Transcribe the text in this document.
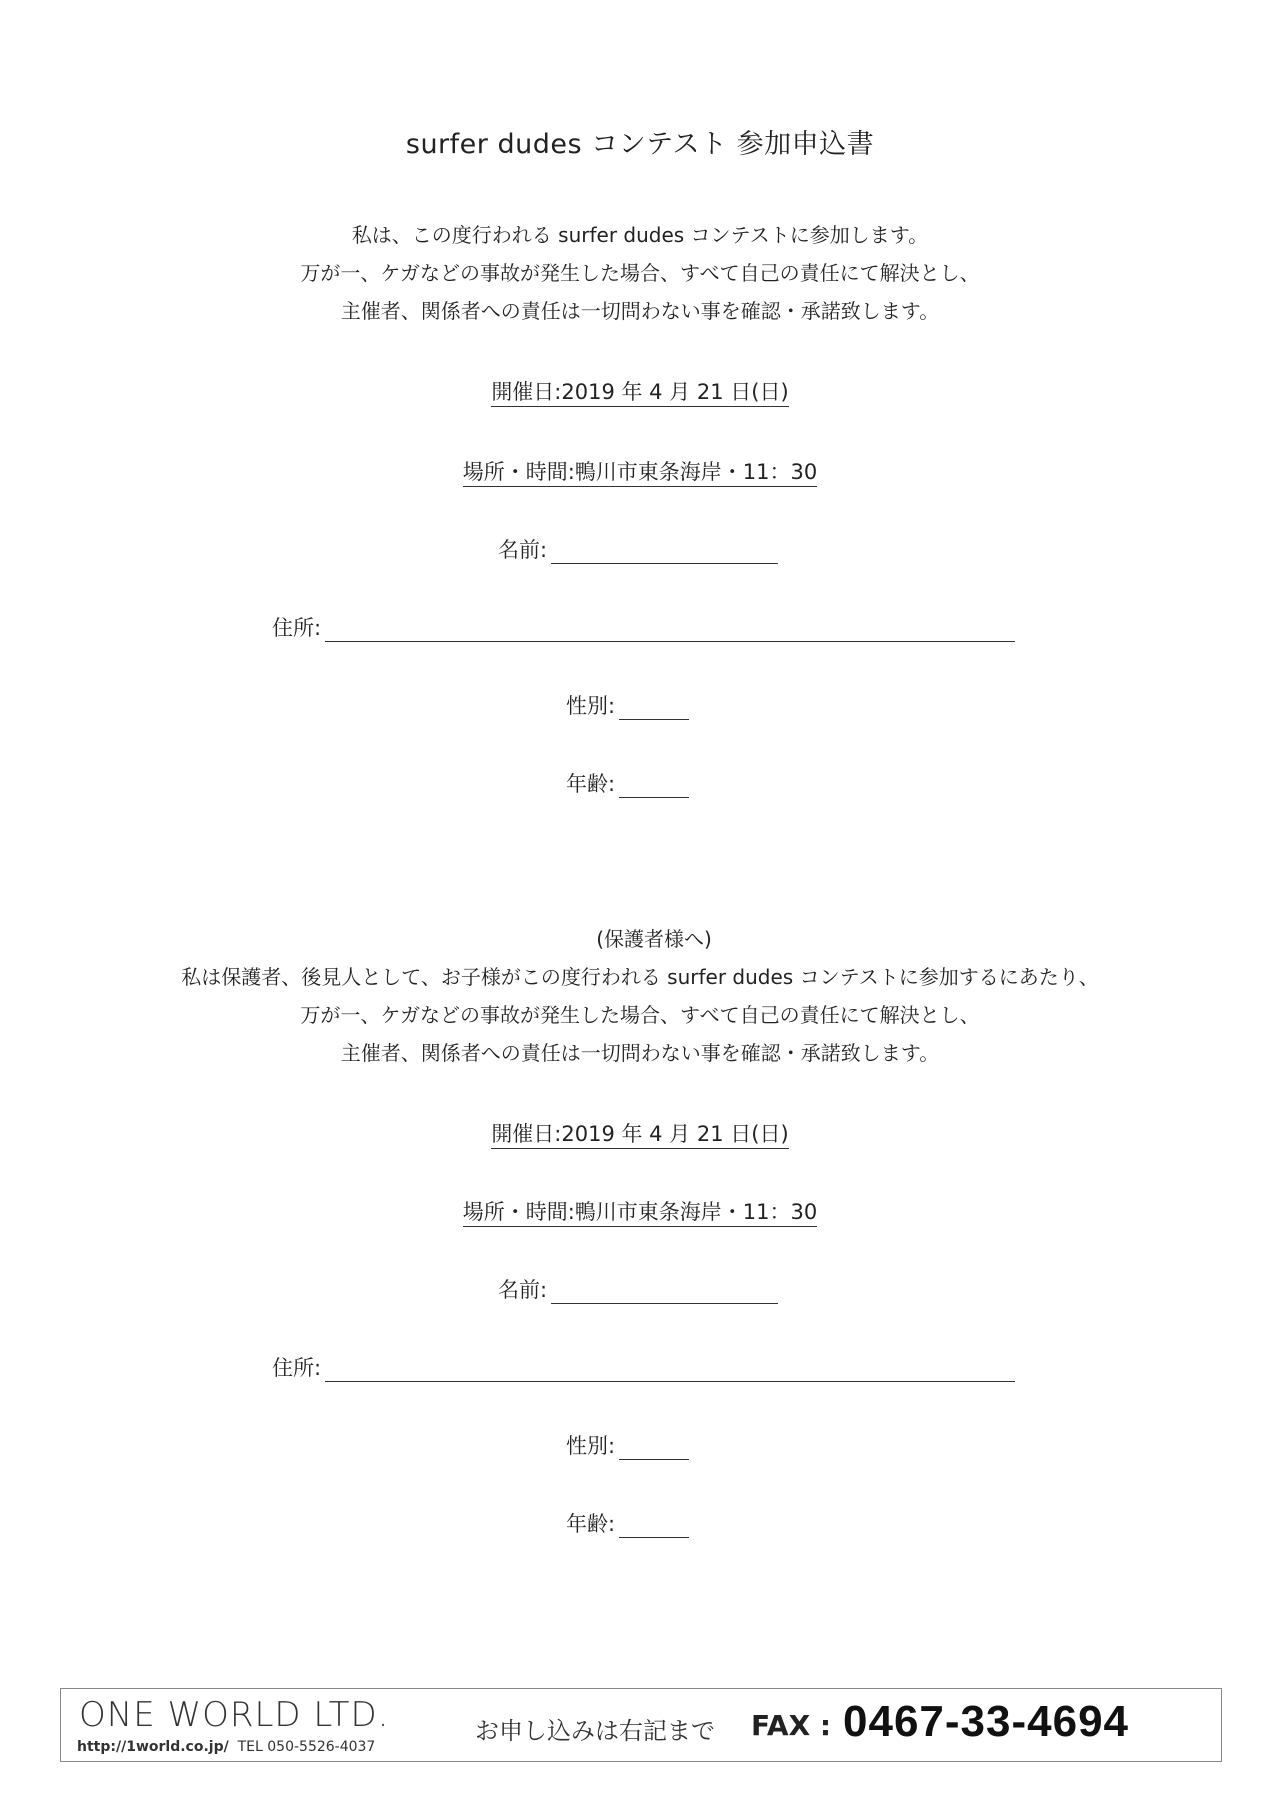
surfer dudes コンテスト 参加申込書
私は、この度行われる surfer dudes コンテストに参加します。
万が一、ケガなどの事故が発生した場合、すべて自己の責任にて解決とし、
主催者、関係者への責任は一切問わない事を確認・承諾致します。
開催日:2019 年 4 月 21 日(日)
場所・時間:鴨川市東条海岸・11：30
名前:
住所:
性別:
年齢:
(保護者様へ)
私は保護者、後見人として、お子様がこの度行われる surfer dudes コンテストに参加するにあたり、
万が一、ケガなどの事故が発生した場合、すべて自己の責任にて解決とし、
主催者、関係者への責任は一切問わない事を確認・承諾致します。
開催日:2019 年 4 月 21 日(日)
場所・時間:鴨川市東条海岸・11：30
名前:
住所:
性別:
年齢:
ONE WORLD LTD.
http://1world.co.jp/ TEL 050-5526-4037
お申し込みは右記まで FAX : 0467-33-4694
